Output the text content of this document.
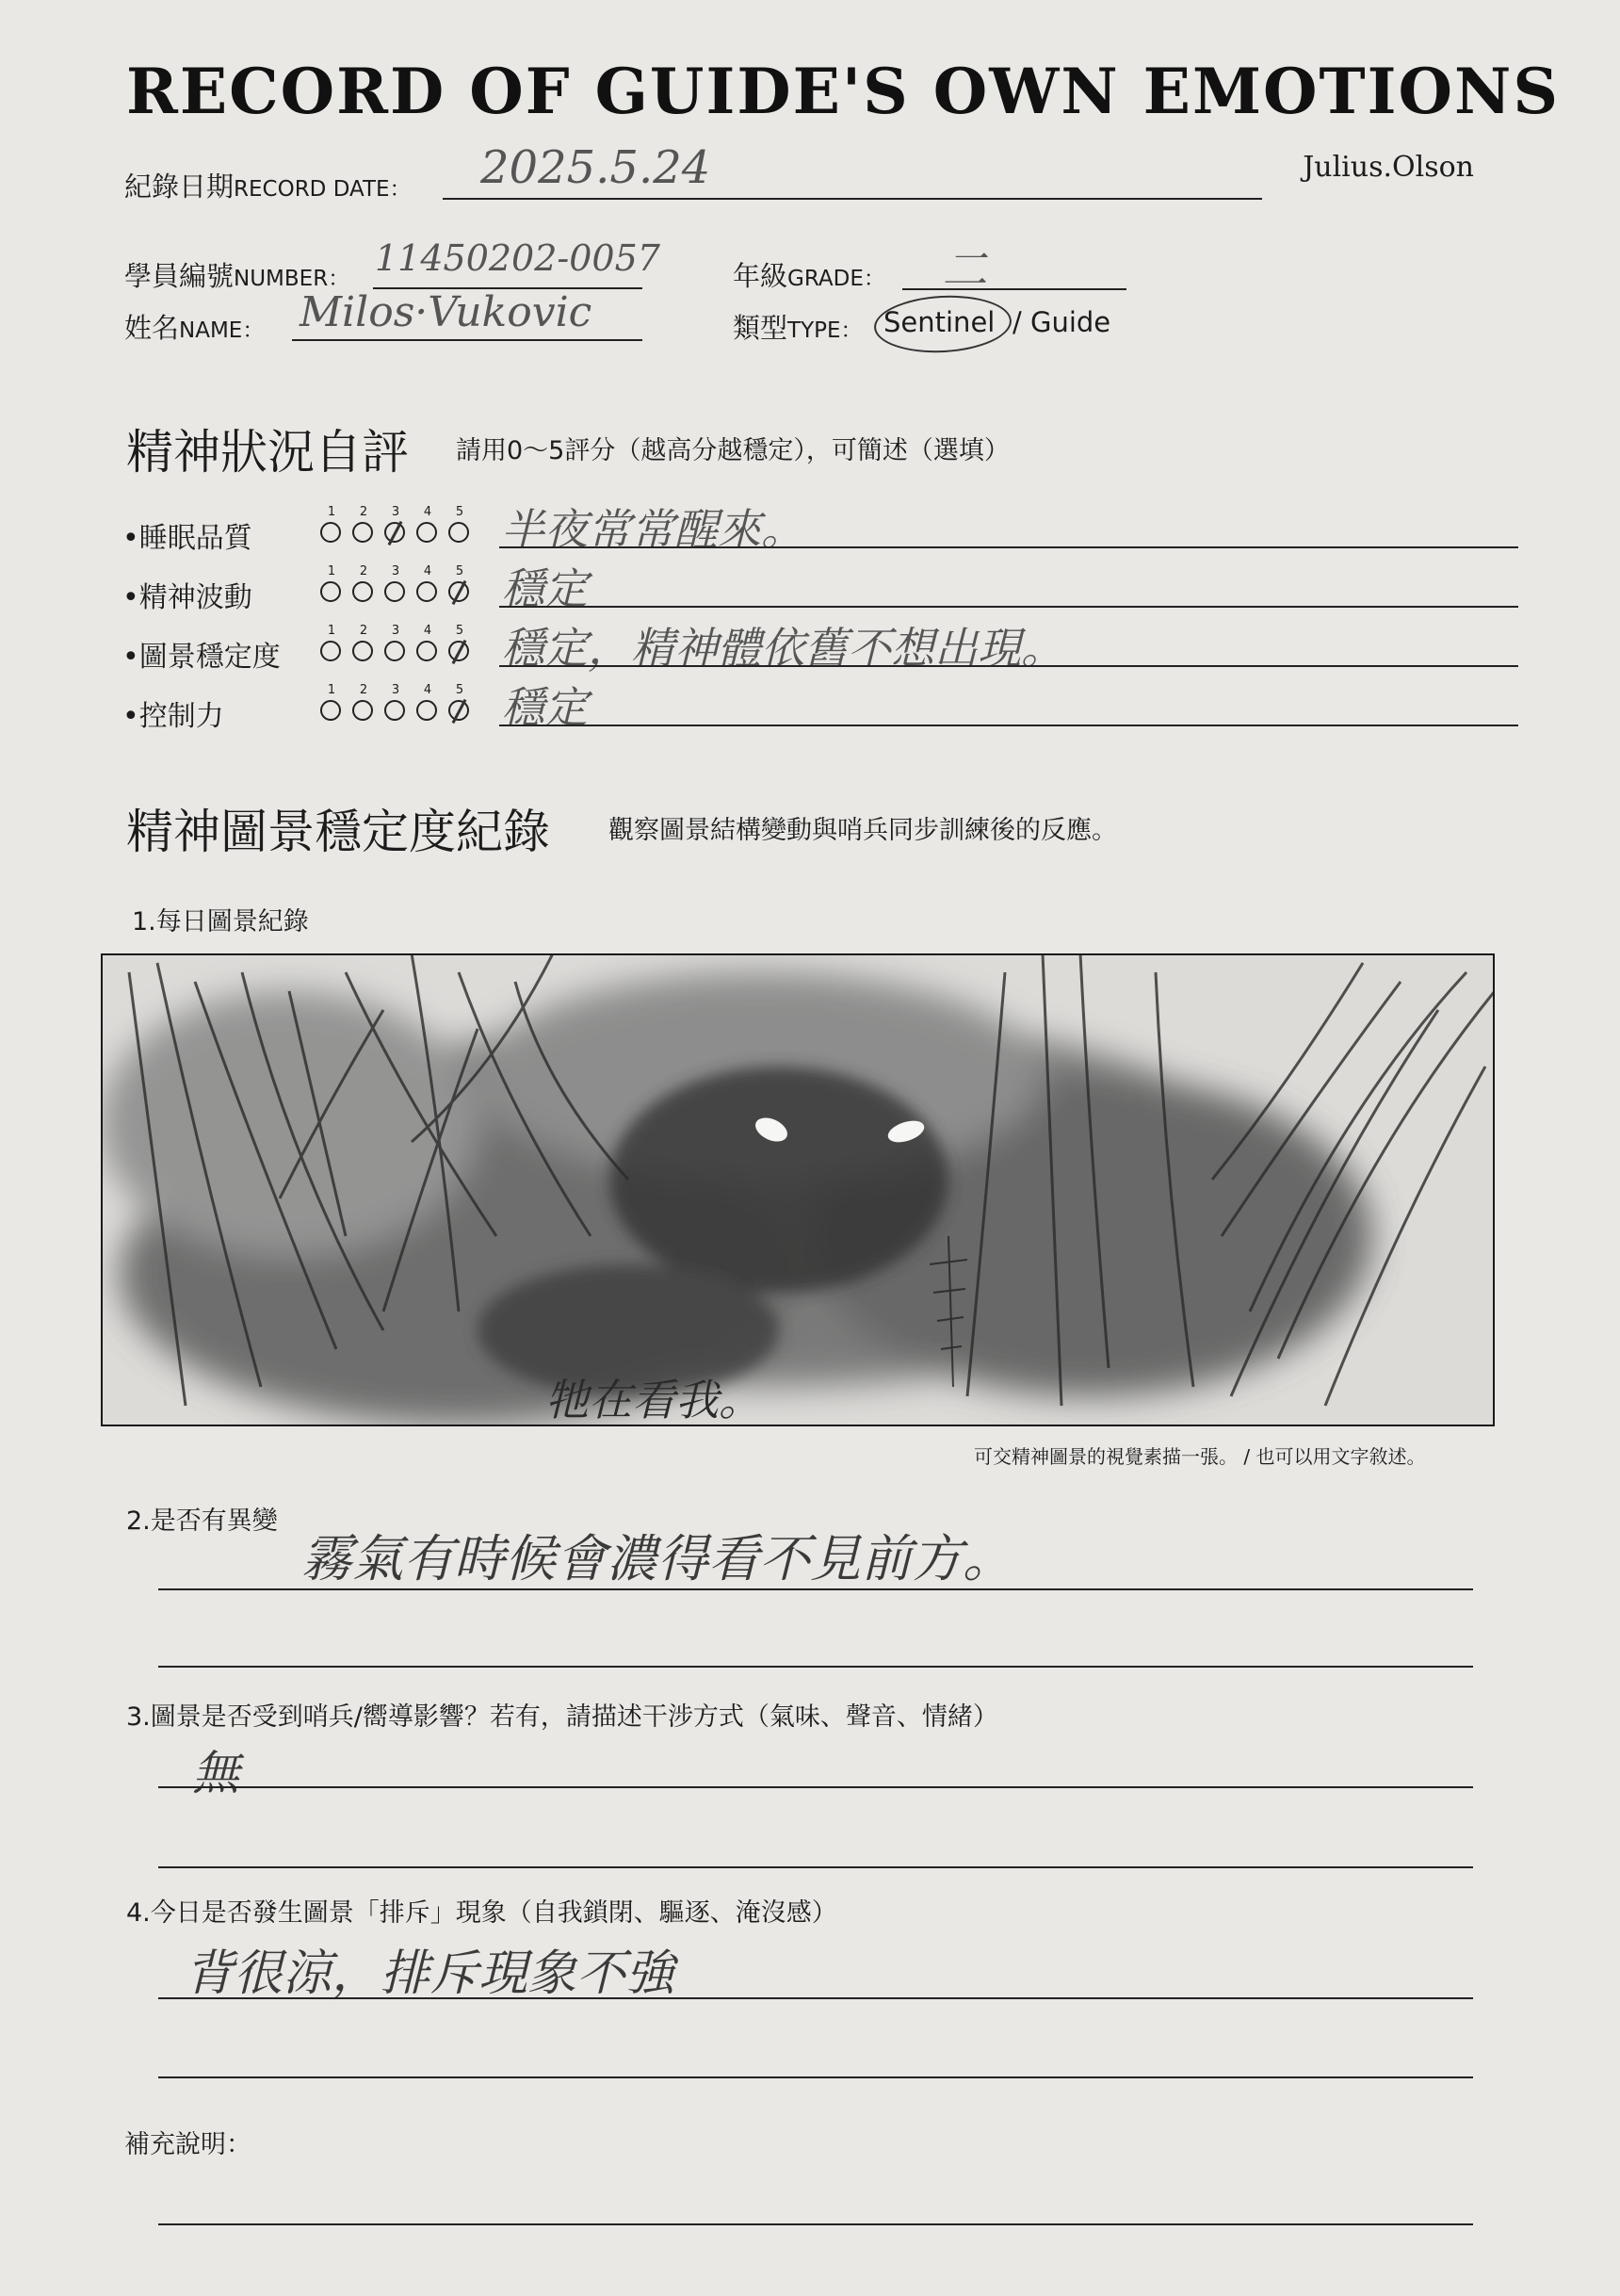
RECORD OF GUIDE'S OWN EMOTIONS
Julius.Olson
紀錄日期RECORD DATE： 2025.5.24
學員編號NUMBER： 11450202-0057	年級GRADE： 二
姓名NAME： Milos·Vukovic	類型TYPE： Sentinel / Guide
精神狀況自評 請用0～5評分（越高分越穩定），可簡述（選填）
•睡眠品質
1	2	3	4	5 半夜常常醒來。
•精神波動
1	2	3	4	5 穩定
•圖景穩定度
1	2	3	4	5 穩定，精神體依舊不想出現。
•控制力
1	2	3	4	5 穩定
精神圖景穩定度紀錄 觀察圖景結構變動與哨兵同步訓練後的反應。
1.每日圖景紀錄
牠在看我。
可交精神圖景的視覺素描一張。 / 也可以用文字敘述。
2.是否有異變
霧氣有時候會濃得看不見前方。
3.圖景是否受到哨兵/嚮導影響？若有，請描述干涉方式（氣味、聲音、情緒）
無
4.今日是否發生圖景「排斥」現象（自我鎖閉、驅逐、淹沒感）
背很涼，排斥現象不強
補充說明：
